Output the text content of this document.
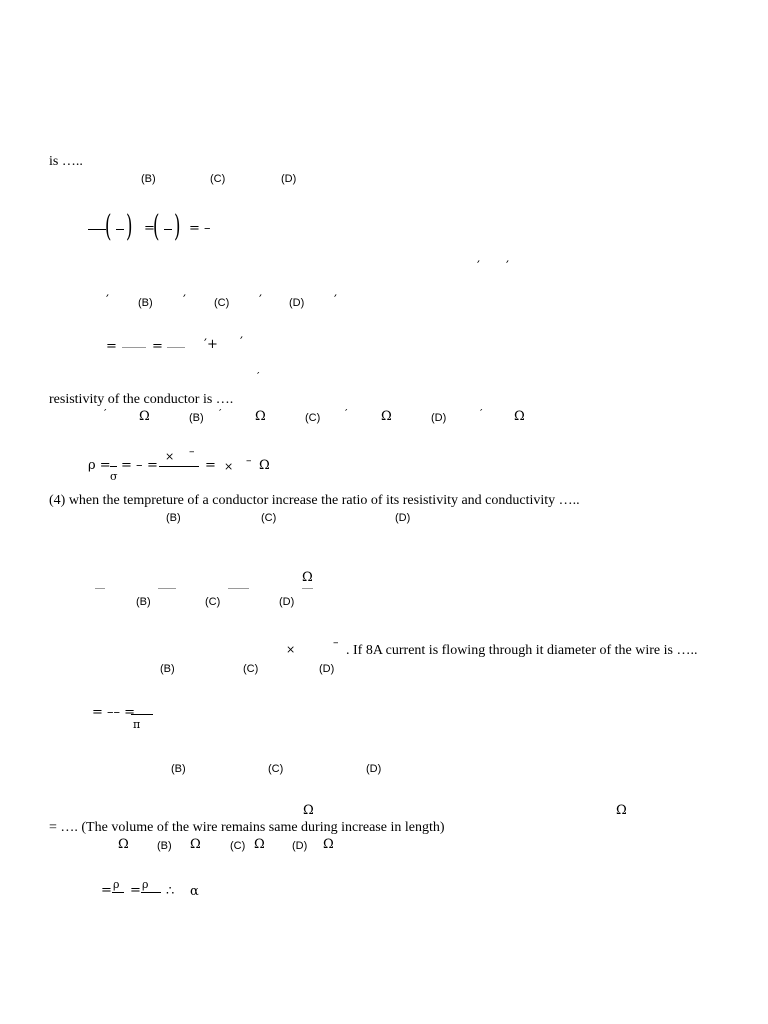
is …..
(B)	(C)	(D)
( ) =
( ) = –
′ ′
′	(B) ′	(C) ′ (D) ′
=	=	′+ ′
′
resistivity of the conductor is ….
′	Ω	(B) ′	Ω	(C) ′	Ω	(D)	′ Ω
× –
ρ =
σ
= – =	= × – Ω
(4) when the tempreture of a conductor increase the ratio of its resistivity and conductivity …..
(B)	(C)	(D)
Ω
(B)	(C)	(D)
×
–
. If 8A current is flowing through it diameter of the wire is …..
(B)	(C)	(D)
= –– =
π
(B)	(C)	(D)
Ω	Ω
= …. (The volume of the wire remains same during increase in length)
Ω	(B) Ω	(C) Ω (D) Ω
= ρ = ρ ∴ α
